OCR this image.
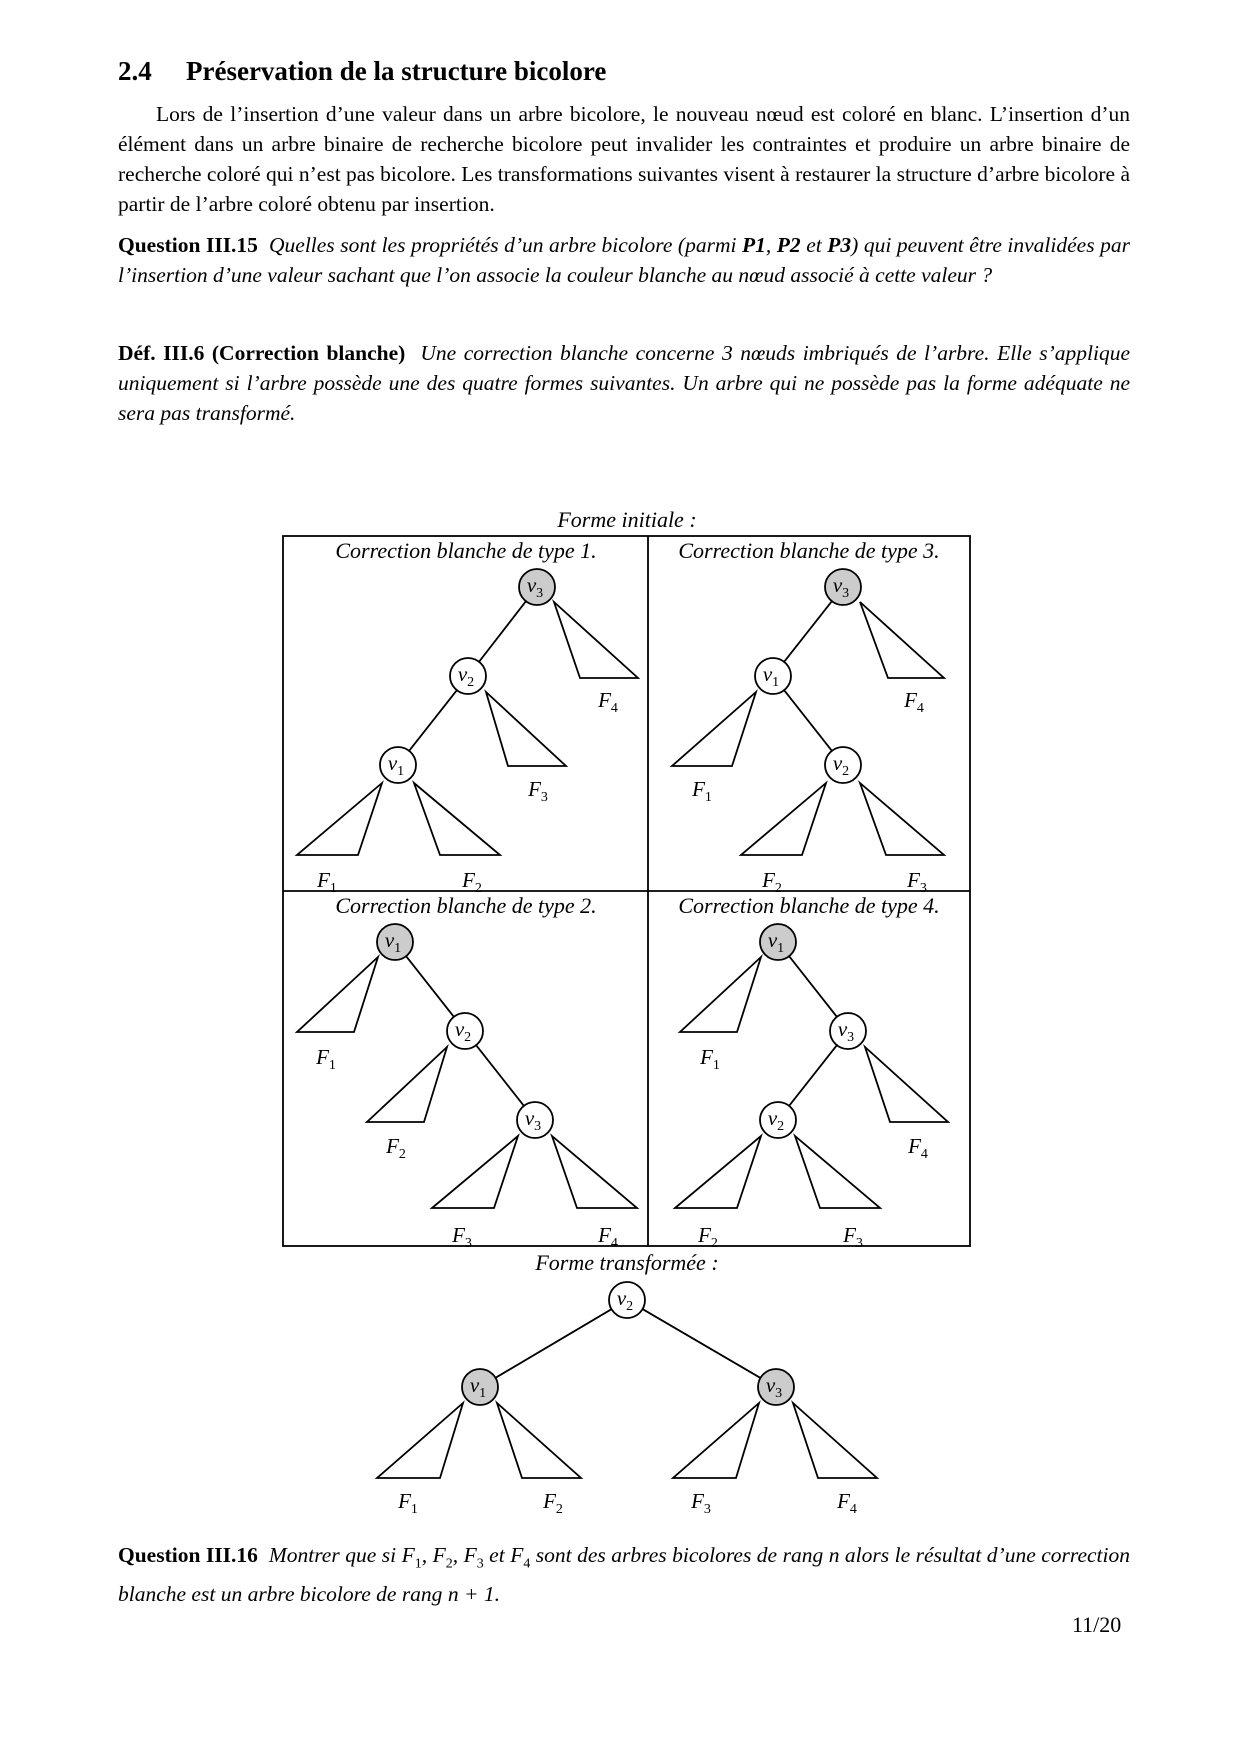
2.4 Préservation de la structure bicolore

Lors de l’insertion d’une valeur dans un arbre bicolore, le nouveau nœud est coloré en blanc. L’insertion d’un élément dans un arbre binaire de recherche bicolore peut invalider les contraintes et produire un arbre binaire de recherche coloré qui n’est pas bicolore. Les transformations suivantes visent à restaurer la structure d’arbre bicolore à partir de l’arbre coloré obtenu par insertion.

Question III.15 Quelles sont les propriétés d’un arbre bicolore (parmi P1, P2 et P3) qui peuvent être invalidées par l’insertion d’une valeur sachant que l’on associe la couleur blanche au nœud associé à cette valeur ?

Déf. III.6 (Correction blanche) Une correction blanche concerne 3 nœuds imbriqués de l’arbre. Elle s’applique uniquement si l’arbre possède une des quatre formes suivantes. Un arbre qui ne possède pas la forme adéquate ne sera pas transformé.

Forme initiale :
Forme transformée :
Correction blanche de type 1.	Correction blanche de type 3.
Correction blanche de type 2.	Correction blanche de type 4.
$v_3$
$v_2$
$v_1$
$F_4$
$F_3$
$F_1$	$F_2$
$v_3$
$v_1$
$v_2$
$F_4$
$F_1$
$F_2$	$F_3$
$v_1$
$v_2$
$v_3$
$F_1$
$F_2$
$F_3$	$F_4$
$v_1$
$v_3$
$v_2$
$F_1$
$F_4$
$F_2$	$F_3$
$v_2$
$v_1$	$v_3$
$F_1$	$F_2$	$F_3$	$F_4$

Question III.16 Montrer que si $F_1$, $F_2$, $F_3$ et $F_4$ sont des arbres bicolores de rang n alors le résultat d’une correction blanche est un arbre bicolore de rang n + 1.

11/20
